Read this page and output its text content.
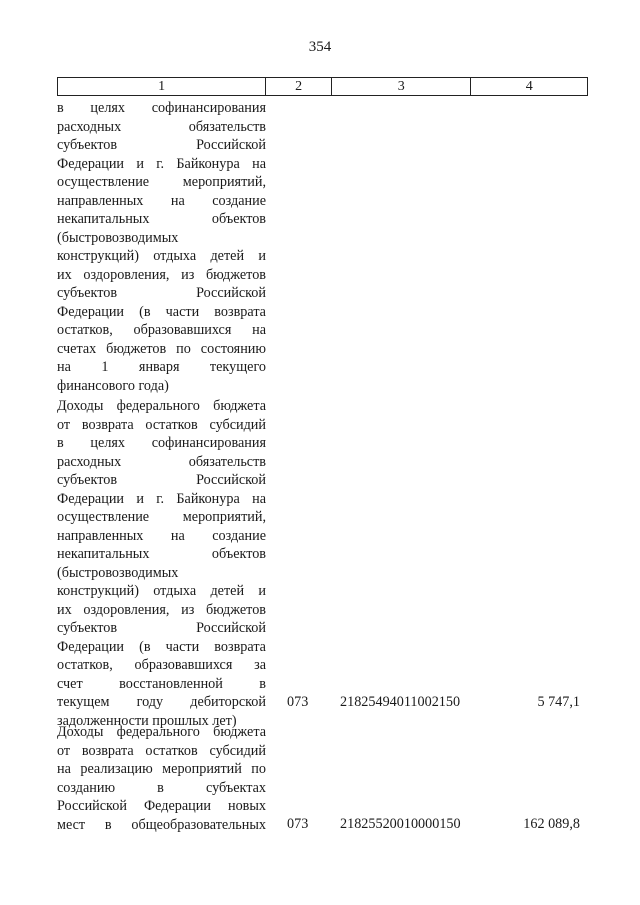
354
1	2	3	4
в целях софинансирования
расходных обязательств
субъектов Российской
Федерации и г. Байконура на
осуществление мероприятий,
направленных на создание
некапитальных объектов
(быстровозводимых
конструкций) отдыха детей и
их оздоровления, из бюджетов
субъектов Российской
Федерации (в части возврата
остатков, образовавшихся на
счетах бюджетов по состоянию
на 1 января текущего
финансового года)
Доходы федерального бюджета
от возврата остатков субсидий
в целях софинансирования
расходных обязательств
субъектов Российской
Федерации и г. Байконура на
осуществление мероприятий,
направленных на создание
некапитальных объектов
(быстровозводимых
конструкций) отдыха детей и
их оздоровления, из бюджетов
субъектов Российской
Федерации (в части возврата
остатков, образовавшихся за
счет восстановленной в
текущем году дебиторской
задолженности прошлых лет)
073 21825494011002150	5 747,1
Доходы федерального бюджета
от возврата остатков субсидий
на реализацию мероприятий по
созданию в субъектах
Российской Федерации новых
мест в общеобразовательных 073 21825520010000150	162 089,8
